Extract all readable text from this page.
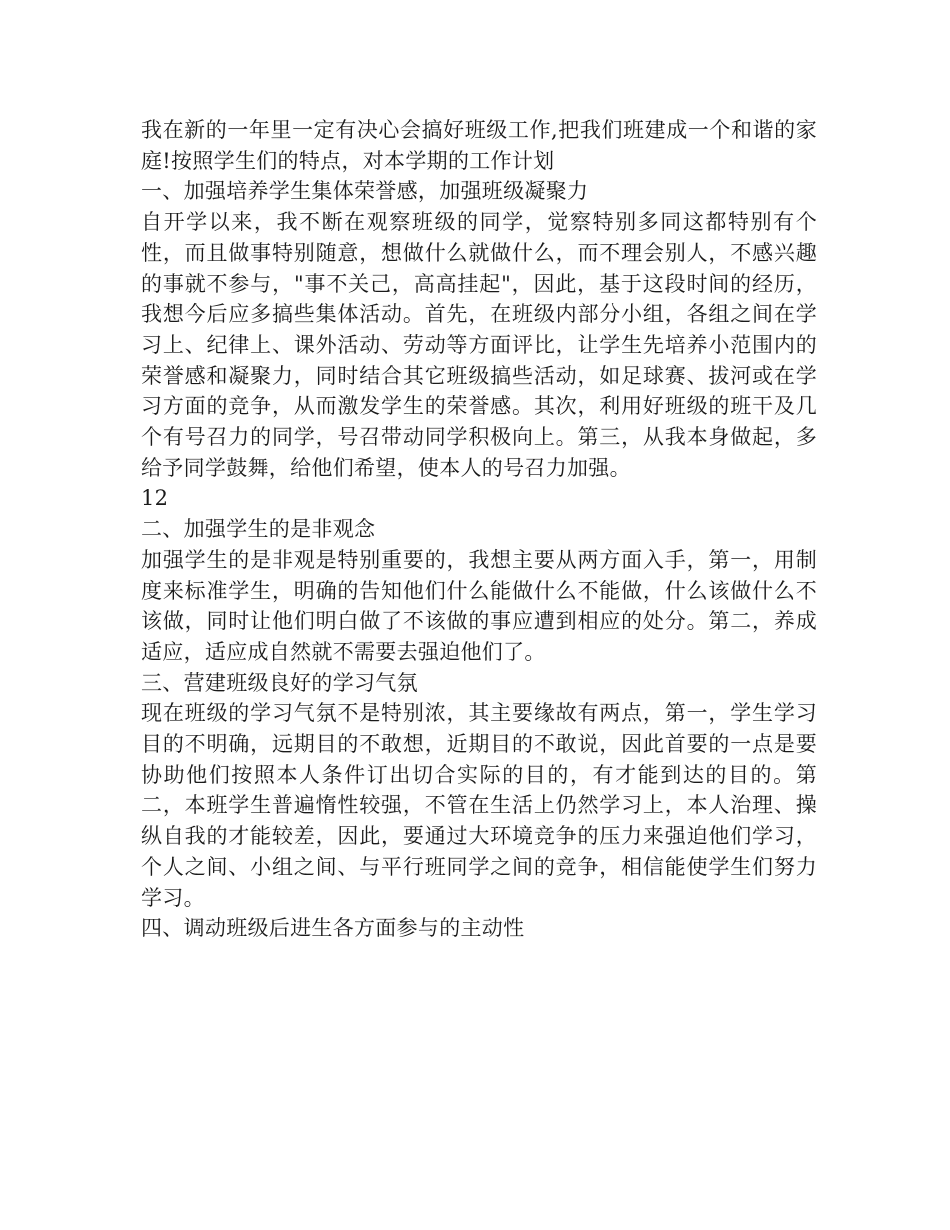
我在新的一年里一定有决心会搞好班级工作,把我们班建成一个和谐的家庭!按照学生们的特点，对本学期的工作计划

一、加强培养学生集体荣誉感，加强班级凝聚力

自开学以来，我不断在观察班级的同学，觉察特别多同这都特别有个性，而且做事特别随意，想做什么就做什么，而不理会别人，不感兴趣的事就不参与，"事不关己，高高挂起"，因此，基于这段时间的经历，我想今后应多搞些集体活动。首先，在班级内部分小组，各组之间在学习上、纪律上、课外活动、劳动等方面评比，让学生先培养小范围内的荣誉感和凝聚力，同时结合其它班级搞些活动，如足球赛、拔河或在学习方面的竞争，从而激发学生的荣誉感。其次，利用好班级的班干及几个有号召力的同学，号召带动同学积极向上。第三，从我本身做起，多给予同学鼓舞，给他们希望，使本人的号召力加强。

12

二、加强学生的是非观念

加强学生的是非观是特别重要的，我想主要从两方面入手，第一，用制度来标准学生，明确的告知他们什么能做什么不能做，什么该做什么不该做，同时让他们明白做了不该做的事应遭到相应的处分。第二，养成适应，适应成自然就不需要去强迫他们了。

三、营建班级良好的学习气氛

现在班级的学习气氛不是特别浓，其主要缘故有两点，第一，学生学习目的不明确，远期目的不敢想，近期目的不敢说，因此首要的一点是要协助他们按照本人条件订出切合实际的目的，有才能到达的目的。第二，本班学生普遍惰性较强，不管在生活上仍然学习上，本人治理、操纵自我的才能较差，因此，要通过大环境竞争的压力来强迫他们学习，个人之间、小组之间、与平行班同学之间的竞争，相信能使学生们努力学习。

四、调动班级后进生各方面参与的主动性
